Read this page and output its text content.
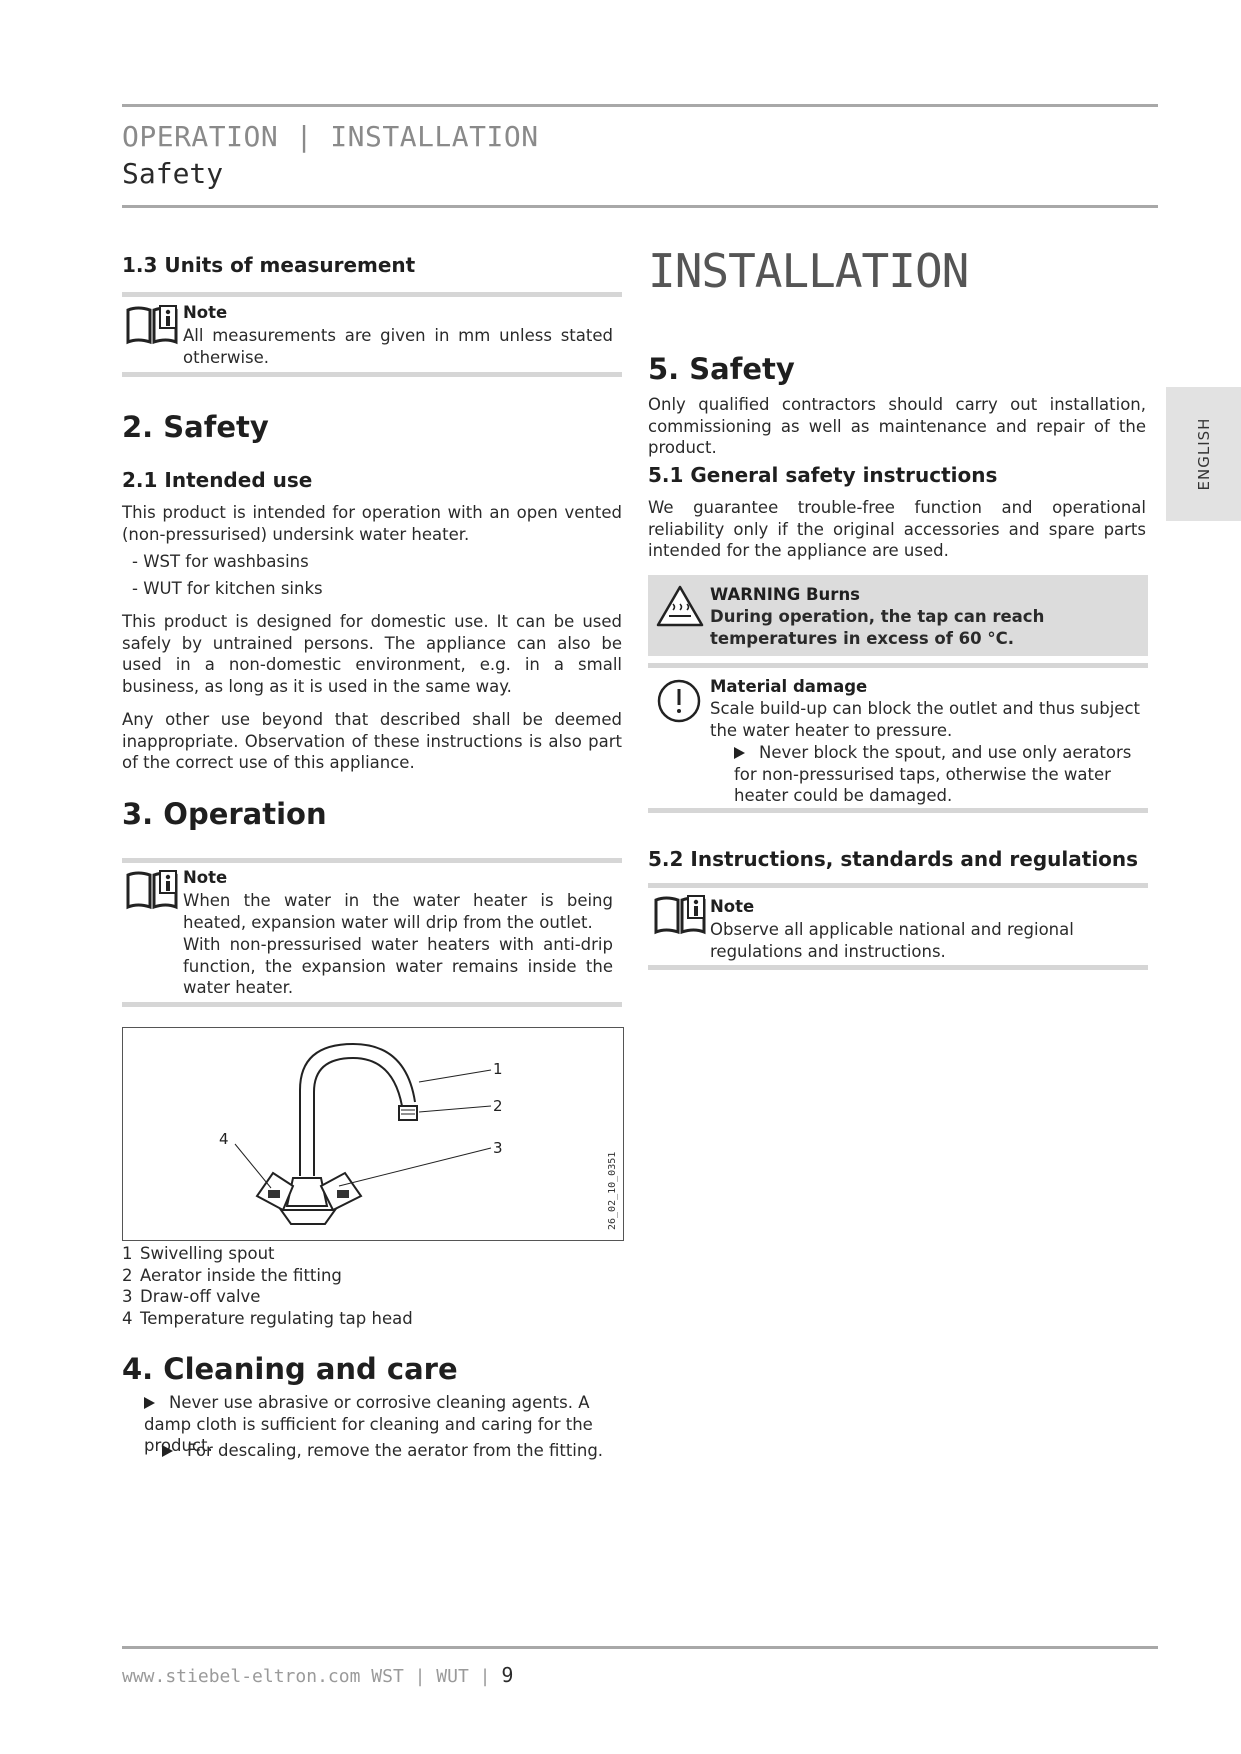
OPERATION | INSTALLATION
Safety
ENGLISH
1.3 Units of measurement
Note
All measurements are given in mm unless stated otherwise.
2. Safety
2.1 Intended use
This product is intended for operation with an open vented (non-pressurised) undersink water heater.
- WST for washbasins
- WUT for kitchen sinks
This product is designed for domestic use. It can be used safely by untrained persons. The appliance can also be used in a non-domestic environment, e.g. in a small business, as long as it is used in the same way.
Any other use beyond that described shall be deemed inappropriate. Observation of these instructions is also part of the correct use of this appliance.
3. Operation
Note
When the water in the water heater is being heated, expansion water will drip from the outlet.
With non-pressurised water heaters with anti-drip function, the expansion water remains inside the water heater.
1
2
3
4
26_02_10_0351
1 Swivelling spout
2 Aerator inside the fitting
3 Draw-off valve
4 Temperature regulating tap head
4. Cleaning and care
Never use abrasive or corrosive cleaning agents. A damp cloth is sufficient for cleaning and caring for the product.
For descaling, remove the aerator from the fitting.
INSTALLATION
5. Safety
Only qualified contractors should carry out installation, commissioning as well as maintenance and repair of the product.
5.1 General safety instructions
We guarantee trouble-free function and operational reliability only if the original accessories and spare parts intended for the appliance are used.
WARNING Burns
During operation, the tap can reach temperatures in excess of 60 °C.
Material damage
Scale build-up can block the outlet and thus subject the water heater to pressure.
Never block the spout, and use only aerators for non-pressurised taps, otherwise the water heater could be damaged.
5.2 Instructions, standards and regulations
Note
Observe all applicable national and regional regulations and instructions.
www.stiebel-eltron.com WST | WUT | 9
